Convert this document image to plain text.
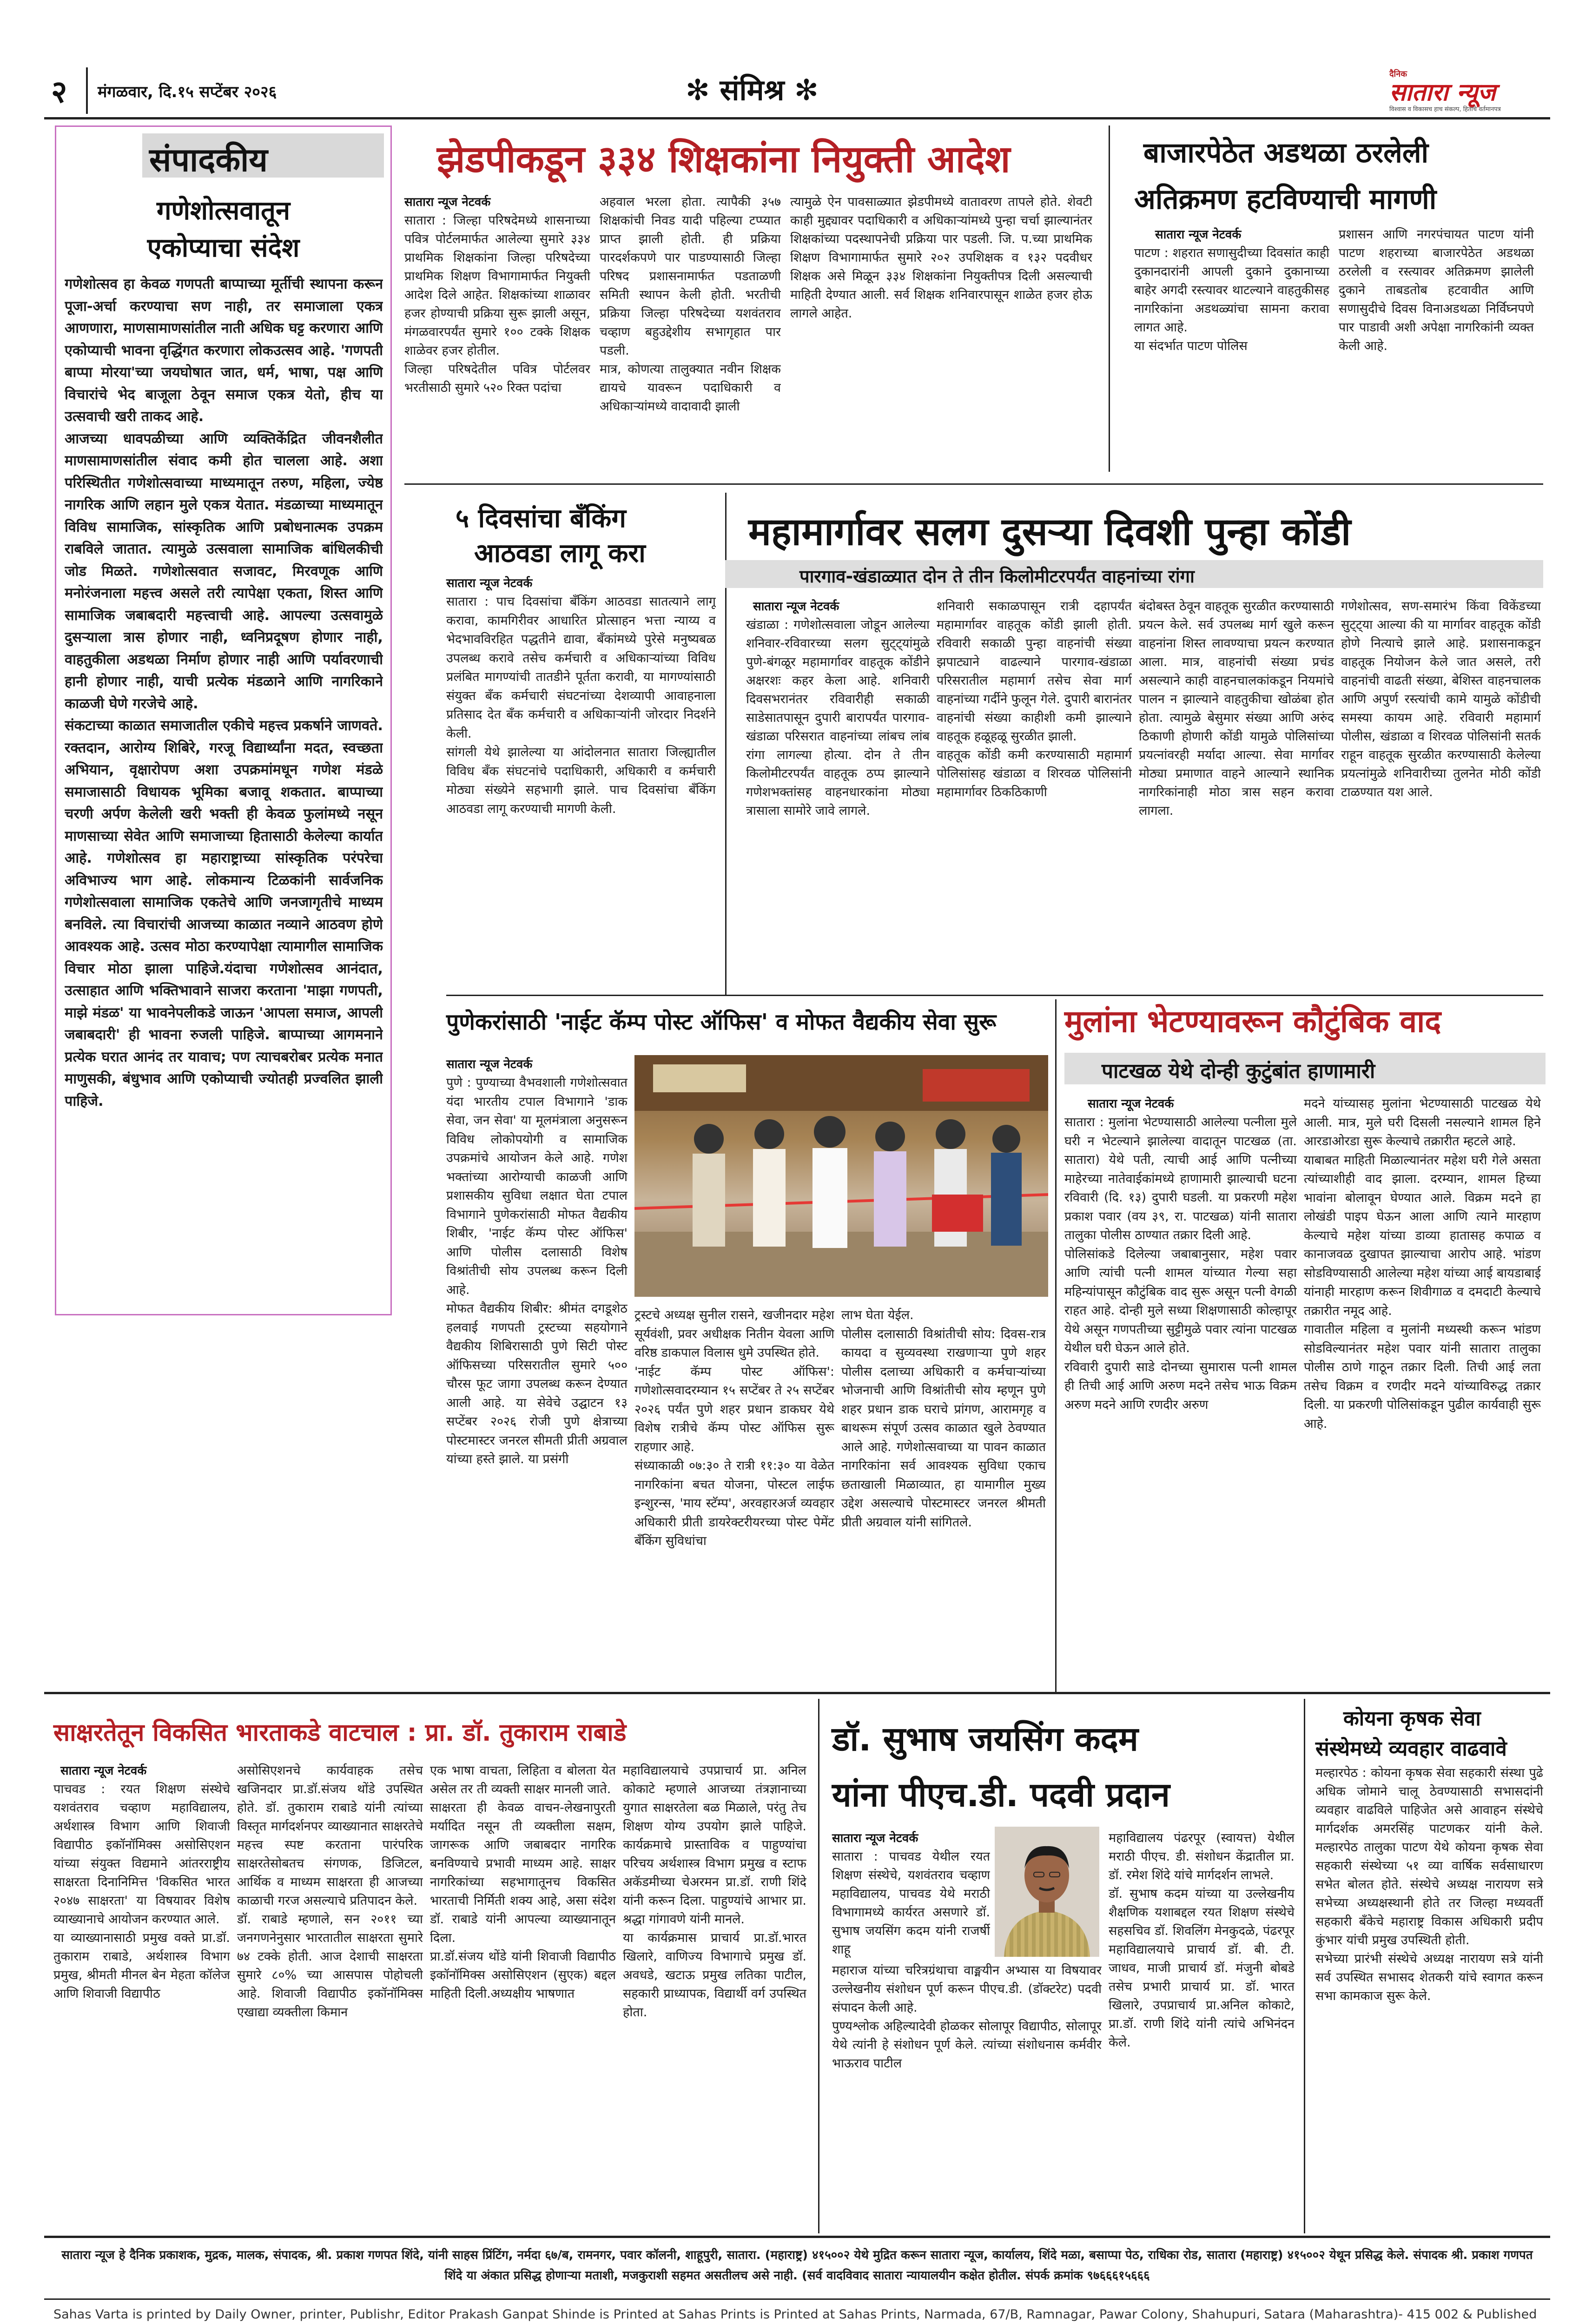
२ मंगळवार, दि.१५ सप्टेंबर २०२६	✻ संमिश्र ✻	दैनिक
सातारा न्यूज
विश्वास व विकासच हाच संकल्प, हिताचे वर्तमानपत्र
संपादकीय
गणेशोत्सवातून
एकोप्याचा संदेश
गणेशोत्सव हा केवळ गणपती बाप्पाच्या मूर्तीची स्थापना करून पूजा-अर्चा करण्याचा सण नाही, तर समाजाला एकत्र आणणारा, माणसामाणसांतील नाती अधिक घट्ट करणारा आणि एकोप्याची भावना वृद्धिंगत करणारा लोकउत्सव आहे. 'गणपती बाप्पा मोरया'च्या जयघोषात जात, धर्म, भाषा, पक्ष आणि विचारांचे भेद बाजूला ठेवून समाज एकत्र येतो, हीच या उत्सवाची खरी ताकद आहे.
आजच्या धावपळीच्या आणि व्यक्तिकेंद्रित जीवनशैलीत माणसामाणसांतील संवाद कमी होत चालला आहे. अशा परिस्थितीत गणेशोत्सवाच्या माध्यमातून तरुण, महिला, ज्येष्ठ नागरिक आणि लहान मुले एकत्र येतात. मंडळाच्या माध्यमातून विविध सामाजिक, सांस्कृतिक आणि प्रबोधनात्मक उपक्रम राबविले जातात. त्यामुळे उत्सवाला सामाजिक बांधिलकीची जोड मिळते. गणेशोत्सवात सजावट, मिरवणूक आणि मनोरंजनाला महत्त्व असले तरी त्यापेक्षा एकता, शिस्त आणि सामाजिक जबाबदारी महत्त्वाची आहे. आपल्या उत्सवामुळे दुसऱ्याला त्रास होणार नाही, ध्वनिप्रदूषण होणार नाही, वाहतुकीला अडथळा निर्माण होणार नाही आणि पर्यावरणाची हानी होणार नाही, याची प्रत्येक मंडळाने आणि नागरिकाने काळजी घेणे गरजेचे आहे.
संकटाच्या काळात समाजातील एकीचे महत्त्व प्रकर्षाने जाणवते. रक्तदान, आरोग्य शिबिरे, गरजू विद्यार्थ्यांना मदत, स्वच्छता अभियान, वृक्षारोपण अशा उपक्रमांमधून गणेश मंडळे समाजासाठी विधायक भूमिका बजावू शकतात. बाप्पाच्या चरणी अर्पण केलेली खरी भक्ती ही केवळ फुलांमध्ये नसून माणसाच्या सेवेत आणि समाजाच्या हितासाठी केलेल्या कार्यात आहे. गणेशोत्सव हा महाराष्ट्राच्या सांस्कृतिक परंपरेचा अविभाज्य भाग आहे. लोकमान्य टिळकांनी सार्वजनिक गणेशोत्सवाला सामाजिक एकतेचे आणि जनजागृतीचे माध्यम बनविले. त्या विचारांची आजच्या काळात नव्याने आठवण होणे आवश्यक आहे. उत्सव मोठा करण्यापेक्षा त्यामागील सामाजिक विचार मोठा झाला पाहिजे.यंदाचा गणेशोत्सव आनंदात, उत्साहात आणि भक्तिभावाने साजरा करताना 'माझा गणपती, माझे मंडळ' या भावनेपलीकडे जाऊन 'आपला समाज, आपली जबाबदारी' ही भावना रुजली पाहिजे. बाप्पाच्या आगमनाने प्रत्येक घरात आनंद तर यावाच; पण त्याचबरोबर प्रत्येक मनात माणुसकी, बंधुभाव आणि एकोप्याची ज्योतही प्रज्वलित झाली पाहिजे.
झेडपीकडून ३३४ शिक्षकांना नियुक्ती आदेश
सातारा न्यूज नेटवर्क
सातारा : जिल्हा परिषदेमध्ये शासनाच्या पवित्र पोर्टलमार्फत आलेल्या सुमारे ३३४ प्राथमिक शिक्षकांना जिल्हा परिषदेच्या प्राथमिक शिक्षण विभागामार्फत नियुक्ती आदेश दिले आहेत. शिक्षकांच्या शाळावर हजर होण्याची प्रक्रिया सुरू झाली असून, मंगळवारपर्यंत सुमारे १०० टक्के शिक्षक शाळेवर हजर होतील.
जिल्हा परिषदेतील पवित्र पोर्टलवर भरतीसाठी सुमारे ५२० रिक्त पदांचा
अहवाल भरला होता. त्यापैकी ३५७ शिक्षकांची निवड यादी पहिल्या टप्प्यात प्राप्त झाली होती. ही प्रक्रिया पारदर्शकपणे पार पाडण्यासाठी जिल्हा परिषद प्रशासनामार्फत पडताळणी समिती स्थापन केली होती. भरतीची प्रक्रिया जिल्हा परिषदेच्या यशवंतराव चव्हाण बहुउद्देशीय सभागृहात पार पडली.
मात्र, कोणत्या तालुक्यात नवीन शिक्षक द्यायचे यावरून पदाधिकारी व अधिकाऱ्यांमध्ये वादावादी झाली
त्यामुळे ऐन पावसाळ्यात झेडपीमध्ये वातावरण तापले होते. शेवटी काही मुद्द्यावर पदाधिकारी व अधिकाऱ्यांमध्ये पुन्हा चर्चा झाल्यानंतर शिक्षकांच्या पदस्थापनेची प्रक्रिया पार पडली. जि. प.च्या प्राथमिक शिक्षण विभागामार्फत सुमारे २०२ उपशिक्षक व १३२ पदवीधर शिक्षक असे मिळून ३३४ शिक्षकांना नियुक्तीपत्र दिली असल्याची माहिती देण्यात आली. सर्व शिक्षक शनिवारपासून शाळेत हजर होऊ लागले आहेत.
बाजारपेठेत अडथळा ठरलेली
अतिक्रमण हटविण्याची मागणी
सातारा न्यूज नेटवर्क
पाटण : शहरात सणासुदीच्या दिवसांत काही दुकानदारांनी आपली दुकाने दुकानाच्या बाहेर अगदी रस्त्यावर थाटल्याने वाहतुकीसह नागरिकांना अडथळ्यांचा सामना करावा लागत आहे.
या संदर्भात पाटण पोलिस
प्रशासन आणि नगरपंचायत पाटण यांनी पाटण शहराच्या बाजारपेठेत अडथळा ठरलेली व रस्त्यावर अतिक्रमण झालेली दुकाने ताबडतोब हटवावीत आणि सणासुदीचे दिवस विनाअडथळा निर्विघ्नपणे पार पाडावी अशी अपेक्षा नागरिकांनी व्यक्त केली आहे.
५ दिवसांचा बँकिंग
आठवडा लागू करा
सातारा न्यूज नेटवर्क
सातारा : पाच दिवसांचा बँकिंग आठवडा सातत्याने लागू करावा, कामगिरीवर आधारित प्रोत्साहन भत्ता न्याय्य व भेदभावविरहित पद्धतीने द्यावा, बँकांमध्ये पुरेसे मनुष्यबळ उपलब्ध करावे तसेच कर्मचारी व अधिकाऱ्यांच्या विविध प्रलंबित मागण्यांची तातडीने पूर्तता करावी, या मागण्यांसाठी संयुक्त बँक कर्मचारी संघटनांच्या देशव्यापी आवाहनाला प्रतिसाद देत बँक कर्मचारी व अधिकाऱ्यांनी जोरदार निदर्शने केली.
सांगली येथे झालेल्या या आंदोलनात सातारा जिल्ह्यातील विविध बँक संघटनांचे पदाधिकारी, अधिकारी व कर्मचारी मोठ्या संख्येने सहभागी झाले. पाच दिवसांचा बँकिंग आठवडा लागू करण्याची मागणी केली.
महामार्गावर सलग दुसऱ्या दिवशी पुन्हा कोंडी
पारगाव-खंडाळ्यात दोन ते तीन किलोमीटरपर्यंत वाहनांच्या रांगा
सातारा न्यूज नेटवर्क
खंडाळा : गणेशोत्सवाला जोडून आलेल्या शनिवार-रविवारच्या सलग सुट्ट्यांमुळे पुणे-बंगळूर महामार्गावर वाहतूक कोंडीने अक्षरशः कहर केला आहे. शनिवारी दिवसभरानंतर रविवारीही सकाळी साडेसातपासून दुपारी बारापर्यंत पारगाव-खंडाळा परिसरात वाहनांच्या लांबच लांब रांगा लागल्या होत्या. दोन ते तीन किलोमीटरपर्यंत वाहतूक ठप्प झाल्याने गणेशभक्तांसह वाहनधारकांना मोठ्या त्रासाला सामोरे जावे लागले.
शनिवारी सकाळपासून रात्री दहापर्यंत महामार्गावर वाहतूक कोंडी झाली होती. रविवारी सकाळी पुन्हा वाहनांची संख्या झपाट्याने वाढल्याने पारगाव-खंडाळा परिसरातील महामार्ग तसेच सेवा मार्ग वाहनांच्या गर्दीने फुलून गेले. दुपारी बारानंतर वाहनांची संख्या काहीशी कमी झाल्याने वाहतूक हळूहळू सुरळीत झाली.
वाहतूक कोंडी कमी करण्यासाठी महामार्ग पोलिसांसह खंडाळा व शिरवळ पोलिसांनी महामार्गावर ठिकठिकाणी
बंदोबस्त ठेवून वाहतूक सुरळीत करण्यासाठी प्रयत्न केले. सर्व उपलब्ध मार्ग खुले करून वाहनांना शिस्त लावण्याचा प्रयत्न करण्यात आला. मात्र, वाहनांची संख्या प्रचंड असल्याने काही वाहनचालकांकडून नियमांचे पालन न झाल्याने वाहतुकीचा खोळंबा होत होता. त्यामुळे बेसुमार संख्या आणि अरुंद ठिकाणी होणारी कोंडी यामुळे पोलिसांच्या प्रयत्नांवरही मर्यादा आल्या. सेवा मार्गावर मोठ्या प्रमाणात वाहने आल्याने स्थानिक नागरिकांनाही मोठा त्रास सहन करावा लागला.
गणेशोत्सव, सण-समारंभ किंवा विकेंडच्या सुट्ट्या आल्या की या मार्गावर वाहतूक कोंडी होणे नित्याचे झाले आहे. प्रशासनाकडून वाहतूक नियोजन केले जात असले, तरी वाहनांची वाढती संख्या, बेशिस्त वाहनचालक आणि अपुर्ण रस्त्यांची कामे यामुळे कोंडीची समस्या कायम आहे. रविवारी महामार्ग पोलीस, खंडाळा व शिरवळ पोलिसांनी सतर्क राहून वाहतूक सुरळीत करण्यासाठी केलेल्या प्रयत्नांमुळे शनिवारीच्या तुलनेत मोठी कोंडी टाळण्यात यश आले.
पुणेकरांसाठी 'नाईट कॅम्प पोस्ट ऑफिस' व मोफत वैद्यकीय सेवा सुरू
सातारा न्यूज नेटवर्क
पुणे : पुण्याच्या वैभवशाली गणेशोत्सवात यंदा भारतीय टपाल विभागाने 'डाक सेवा, जन सेवा' या मूलमंत्राला अनुसरून विविध लोकोपयोगी व सामाजिक उपक्रमांचे आयोजन केले आहे. गणेश भक्तांच्या आरोग्याची काळजी आणि प्रशासकीय सुविधा लक्षात घेता टपाल विभागाने पुणेकरांसाठी मोफत वैद्यकीय शिबीर, 'नाईट कॅम्प पोस्ट ऑफिस' आणि पोलीस दलासाठी विशेष विश्रांतीची सोय उपलब्ध करून दिली आहे.
मोफत वैद्यकीय शिबीर: श्रीमंत दगडूशेठ हलवाई गणपती ट्रस्टच्या सहयोगाने वैद्यकीय शिबिरासाठी पुणे सिटी पोस्ट ऑफिसच्या परिसरातील सुमारे ५०० चौरस फूट जागा उपलब्ध करून देण्यात आली आहे. या सेवेचे उद्घाटन १३ सप्टेंबर २०२६ रोजी पुणे क्षेत्राच्या पोस्टमास्टर जनरल सीमती प्रीती अग्रवाल यांच्या हस्ते झाले. या प्रसंगी
ट्रस्टचे अध्यक्ष सुनील रासने, खजीनदार महेश सूर्यवंशी, प्रवर अधीक्षक नितीन येवला आणि वरिष्ठ डाकपाल विलास धुमे उपस्थित होते.
'नाईट कॅम्प पोस्ट ऑफिस': गणेशोत्सवादरम्यान १५ सप्टेंबर ते २५ सप्टेंबर २०२६ पर्यंत पुणे शहर प्रधान डाकघर येथे विशेष रात्रीचे कॅम्प पोस्ट ऑफिस सुरू राहणार आहे.
संध्याकाळी ०७:३० ते रात्री ११:३० या वेळेत नागरिकांना बचत योजना, पोस्टल लाईफ इन्शुरन्स, 'माय स्टॅम्प', अरवहारअर्ज व्यवहार अधिकारी प्रीती डायरेक्टरीयरच्या पोस्ट पेमेंट बँकिंग सुविधांचा
लाभ घेता येईल.
पोलीस दलासाठी विश्रांतीची सोय: दिवस-रात्र कायदा व सुव्यवस्था राखणाऱ्या पुणे शहर पोलीस दलाच्या अधिकारी व कर्मचाऱ्यांच्या भोजनाची आणि विश्रांतीची सोय म्हणून पुणे शहर प्रधान डाक घराचे प्रांगण, आरामगृह व बाथरूम संपूर्ण उत्सव काळात खुले ठेवण्यात आले आहे. गणेशोत्सवाच्या या पावन काळात नागरिकांना सर्व आवश्यक सुविधा एकाच छताखाली मिळाव्यात, हा यामागील मुख्य उद्देश असल्याचे पोस्टमास्टर जनरल श्रीमती प्रीती अग्रवाल यांनी सांगितले.
मुलांना भेटण्यावरून कौटुंबिक वाद
पाटखळ येथे दोन्ही कुटुंबांत हाणामारी
सातारा न्यूज नेटवर्क
सातारा : मुलांना भेटण्यासाठी आलेल्या पत्नीला मुले घरी न भेटल्याने झालेल्या वादातून पाटखळ (ता. सातारा) येथे पती, त्याची आई आणि पत्नीच्या माहेरच्या नातेवाईकांमध्ये हाणामारी झाल्याची घटना रविवारी (दि. १३) दुपारी घडली. या प्रकरणी महेश प्रकाश पवार (वय ३९, रा. पाटखळ) यांनी सातारा तालुका पोलीस ठाण्यात तक्रार दिली आहे.
पोलिसांकडे दिलेल्या जबाबानुसार, महेश पवार आणि त्यांची पत्नी शामल यांच्यात गेल्या सहा महिन्यांपासून कौटुंबिक वाद सुरू असून पत्नी वेगळी राहत आहे. दोन्ही मुले सध्या शिक्षणासाठी कोल्हापूर येथे असून गणपतीच्या सुट्टीमुळे पवार त्यांना पाटखळ येथील घरी घेऊन आले होते.
रविवारी दुपारी साडे दोनच्या सुमारास पत्नी शामल ही तिची आई आणि अरुण मदने तसेच भाऊ विक्रम अरुण मदने आणि रणदीर अरुण
मदने यांच्यासह मुलांना भेटण्यासाठी पाटखळ येथे आली. मात्र, मुले घरी दिसली नसल्याने शामल हिने आरडाओरडा सुरू केल्याचे तक्रारीत म्हटले आहे.
याबाबत माहिती मिळाल्यानंतर महेश घरी गेले असता त्यांच्याशीही वाद झाला. दरम्यान, शामल हिच्या भावांना बोलावून घेण्यात आले. विक्रम मदने हा लोखंडी पाइप घेऊन आला आणि त्याने मारहाण केल्याचे महेश यांच्या डाव्या हातासह कपाळ व कानाजवळ दुखापत झाल्याचा आरोप आहे. भांडण सोडविण्यासाठी आलेल्या महेश यांच्या आई बायडाबाई यांनाही मारहाण करून शिवीगाळ व दमदाटी केल्याचे तक्रारीत नमूद आहे.
गावातील महिला व मुलांनी मध्यस्थी करून भांडण सोडविल्यानंतर महेश पवार यांनी सातारा तालुका पोलीस ठाणे गाठून तक्रार दिली. तिची आई लता तसेच विक्रम व रणदीर मदने यांच्याविरुद्ध तक्रार दिली. या प्रकरणी पोलिसांकडून पुढील कार्यवाही सुरू आहे.
साक्षरतेतून विकसित भारताकडे वाटचाल : प्रा. डॉ. तुकाराम राबाडे
सातारा न्यूज नेटवर्क
पाचवड : रयत शिक्षण संस्थेचे यशवंतराव चव्हाण महाविद्यालय, अर्थशास्त्र विभाग आणि शिवाजी विद्यापीठ इकॉनॉमिक्स असोसिएशन यांच्या संयुक्त विद्यमाने आंतरराष्ट्रीय साक्षरता दिनानिमित्त 'विकसित भारत २०४७ साक्षरता' या विषयावर विशेष व्याख्यानाचे आयोजन करण्यात आले.
या व्याख्यानासाठी प्रमुख वक्ते प्रा.डॉ. तुकाराम राबाडे, अर्थशास्त्र विभाग प्रमुख, श्रीमती मीनल बेन मेहता कॉलेज आणि शिवाजी विद्यापीठ
असोसिएशनचे कार्यवाहक तसेच खजिनदार प्रा.डॉ.संजय थोंडे उपस्थित होते. डॉ. तुकाराम राबाडे यांनी त्यांच्या विस्तृत मार्गदर्शनपर व्याख्यानात साक्षरतेचे महत्त्व स्पष्ट करताना पारंपरिक साक्षरतेसोबतच संगणक, डिजिटल, आर्थिक व माध्यम साक्षरता ही आजच्या काळाची गरज असल्याचे प्रतिपादन केले.
डॉ. राबाडे म्हणाले, सन २०११ च्या जनगणनेनुसार भारतातील साक्षरता सुमारे ७४ टक्के होती. आज देशाची साक्षरता सुमारे ८०% च्या आसपास पोहोचली आहे. शिवाजी विद्यापीठ इकॉनॉमिक्स एखाद्या व्यक्तीला किमान
एक भाषा वाचता, लिहिता व बोलता येत असेल तर ती व्यक्ती साक्षर मानली जाते.
साक्षरता ही केवळ वाचन-लेखनापुरती मर्यादित नसून ती व्यक्तीला सक्षम, जागरूक आणि जबाबदार नागरिक बनविण्याचे प्रभावी माध्यम आहे. साक्षर नागरिकांच्या सहभागातूनच विकसित भारताची निर्मिती शक्य आहे, असा संदेश डॉ. राबाडे यांनी आपल्या व्याख्यानातून दिला.
प्रा.डॉ.संजय थोंडे यांनी शिवाजी विद्यापीठ इकॉनॉमिक्स असोसिएशन (सुएक) बद्दल माहिती दिली.अध्यक्षीय भाषणात
महाविद्यालयाचे उपप्राचार्य प्रा. अनिल कोकाटे म्हणाले आजच्या तंत्रज्ञानाच्या युगात साक्षरतेला बळ मिळाले, परंतु तेच शिक्षण योग्य उपयोग झाले पाहिजे. कार्यक्रमाचे प्रास्ताविक व पाहुण्यांचा परिचय अर्थशास्त्र विभाग प्रमुख व स्टाफ अकॅडमीच्या चेअरमन प्रा.डॉ. राणी शिंदे यांनी करून दिला. पाहुण्यांचे आभार प्रा. श्रद्धा गांगावणे यांनी मानले.
या कार्यक्रमास प्राचार्य प्रा.डॉ.भारत खिलारे, वाणिज्य विभागाचे प्रमुख डॉ. अवधडे, खटाऊ प्रमुख लतिका पाटील, सहकारी प्राध्यापक, विद्यार्थी वर्ग उपस्थित होता.
डॉ. सुभाष जयसिंग कदम
यांना पीएच.डी. पदवी प्रदान
सातारा न्यूज नेटवर्क
सातारा : पाचवड येथील रयत शिक्षण संस्थेचे, यशवंतराव चव्हाण महाविद्यालय, पाचवड येथे मराठी विभागामध्ये कार्यरत असणारे डॉ. सुभाष जयसिंग कदम यांनी राजर्षी शाहू
महाराज यांच्या चरित्रग्रंथाचा वाङ्मयीन अभ्यास या विषयावर उल्लेखनीय संशोधन पूर्ण करून पीएच.डी. (डॉक्टरेट) पदवी संपादन केली आहे.
पुण्यश्लोक अहिल्यादेवी होळकर सोलापूर विद्यापीठ, सोलापूर येथे त्यांनी हे संशोधन पूर्ण केले. त्यांच्या संशोधनास कर्मवीर भाऊराव पाटील
महाविद्यालय पंढरपूर (स्वायत्त) येथील मराठी पीएच. डी. संशोधन केंद्रातील प्रा. डॉ. रमेश शिंदे यांचे मार्गदर्शन लाभले.
डॉ. सुभाष कदम यांच्या या उल्लेखनीय शैक्षणिक यशाबद्दल रयत शिक्षण संस्थेचे सहसचिव डॉ. शिवलिंग मेनकुदळे, पंढरपूर महाविद्यालयाचे प्राचार्य डॉ. बी. टी. जाधव, माजी प्राचार्य डॉ. मंजुनी बोबडे तसेच प्रभारी प्राचार्य प्रा. डॉ. भारत खिलारे, उपप्राचार्य प्रा.अनिल कोकाटे, प्रा.डॉ. राणी शिंदे यांनी त्यांचे अभिनंदन केले.
कोयना कृषक सेवा
संस्थेमध्ये व्यवहार वाढवावे
मल्हारपेठ : कोयना कृषक सेवा सहकारी संस्था पुढे अधिक जोमाने चालू ठेवण्यासाठी सभासदांनी व्यवहार वाढविले पाहिजेत असे आवाहन संस्थेचे मार्गदर्शक अमरसिंह पाटणकर यांनी केले. मल्हारपेठ तालुका पाटण येथे कोयना कृषक सेवा सहकारी संस्थेच्या ५१ व्या वार्षिक सर्वसाधारण सभेत बोलत होते. संस्थेचे अध्यक्ष नारायण सत्रे सभेच्या अध्यक्षस्थानी होते तर जिल्हा मध्यवर्ती सहकारी बँकेचे महाराष्ट्र विकास अधिकारी प्रदीप कुंभार यांची प्रमुख उपस्थिती होती.
सभेच्या प्रारंभी संस्थेचे अध्यक्ष नारायण सत्रे यांनी सर्व उपस्थित सभासद शेतकरी यांचे स्वागत करून सभा कामकाज सुरू केले.
सातारा न्यूज हे दैनिक प्रकाशक, मुद्रक, मालक, संपादक, श्री. प्रकाश गणपत शिंदे, यांनी साहस प्रिंटिंग, नर्मदा ६७/ब, रामनगर, पवार कॉलनी, शाहूपुरी, सातारा. (महाराष्ट्र) ४१५००२ येथे मुद्रित करून सातारा न्यूज, कार्यालय, शिंदे मळा, बसाप्पा पेठ, राधिका रोड, सातारा (महाराष्ट्र) ४१५००२ येथून प्रसिद्ध केले. संपादक श्री. प्रकाश गणपत शिंदे या अंकात प्रसिद्ध होणाऱ्या मताशी, मजकुराशी सहमत असतीलच असे नाही. (सर्व वादविवाद सातारा न्यायालयीन कक्षेत होतील. संपर्क क्रमांक ९७६६६१५६६६
Sahas Varta is printed by Daily Owner, printer, Publishr, Editor Prakash Ganpat Shinde is Printed at Sahas Prints is Printed at Sahas Prints, Narmada, 67/B, Ramnagar, Pawar Colony, Shahupuri, Satara (Maharashtra)- 415 002 & Published
